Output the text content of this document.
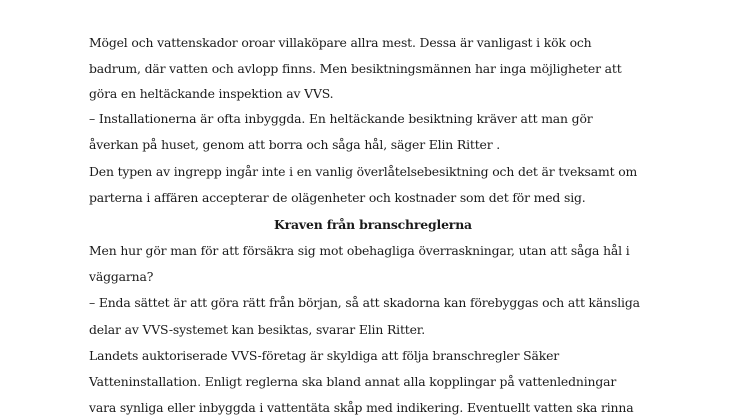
Mögel och vattenskador oroar villaköpare allra mest. Dessa är vanligast i kök och
badrum, där vatten och avlopp finns. Men besiktningsmännen har inga möjligheter att
göra en heltäckande inspektion av VVS.
– Installationerna är ofta inbyggda. En heltäckande besiktning kräver att man gör
åverkan på huset, genom att borra och såga hål, säger Elin Ritter .
Den typen av ingrepp ingår inte i en vanlig överlåtelsebesiktning och det är tveksamt om
parterna i affären accepterar de olägenheter och kostnader som det för med sig.
Kraven från branschreglerna
Men hur gör man för att försäkra sig mot obehagliga överraskningar, utan att såga hål i
väggarna?
– Enda sättet är att göra rätt från början, så att skadorna kan förebyggas och att känsliga
delar av VVS-systemet kan besiktas, svarar Elin Ritter.
Landets auktoriserade VVS-företag är skyldiga att följa branschregler Säker
Vatteninstallation. Enligt reglerna ska bland annat alla kopplingar på vattenledningar
vara synliga eller inbyggda i vattentäta skåp med indikering. Eventuellt vatten ska rinna
